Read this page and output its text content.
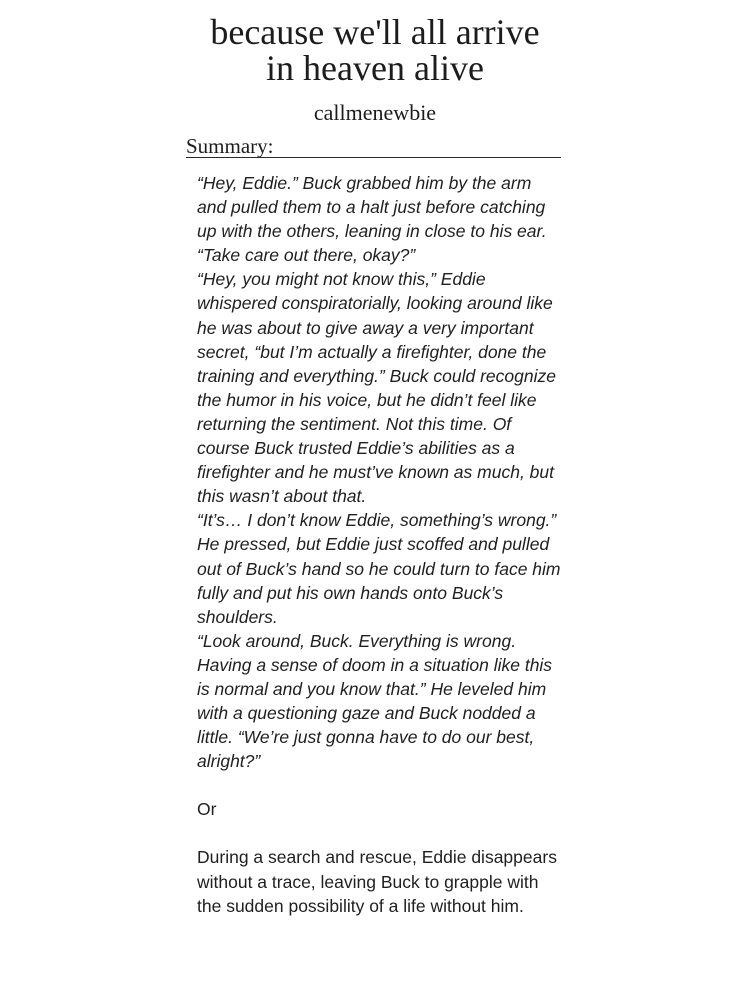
because we'll all arrive
in heaven alive
callmenewbie
Summary:

“Hey, Eddie.” Buck grabbed him by the arm and pulled them to a halt just before catching up with the others, leaning in close to his ear. “Take care out there, okay?”

“Hey, you might not know this,” Eddie whispered conspiratorially, looking around like he was about to give away a very important secret, “but I’m actually a firefighter, done the training and everything.” Buck could recognize the humor in his voice, but he didn’t feel like returning the sentiment. Not this time. Of course Buck trusted Eddie’s abilities as a firefighter and he must’ve known as much, but this wasn’t about that.

“It’s… I don’t know Eddie, something’s wrong.” He pressed, but Eddie just scoffed and pulled out of Buck’s hand so he could turn to face him fully and put his own hands onto Buck’s shoulders.

“Look around, Buck. Everything is wrong. Having a sense of doom in a situation like this is normal and you know that.” He leveled him with a questioning gaze and Buck nodded a little. “We’re just gonna have to do our best, alright?”

Or

During a search and rescue, Eddie disappears without a trace, leaving Buck to grapple with the sudden possibility of a life without him.
